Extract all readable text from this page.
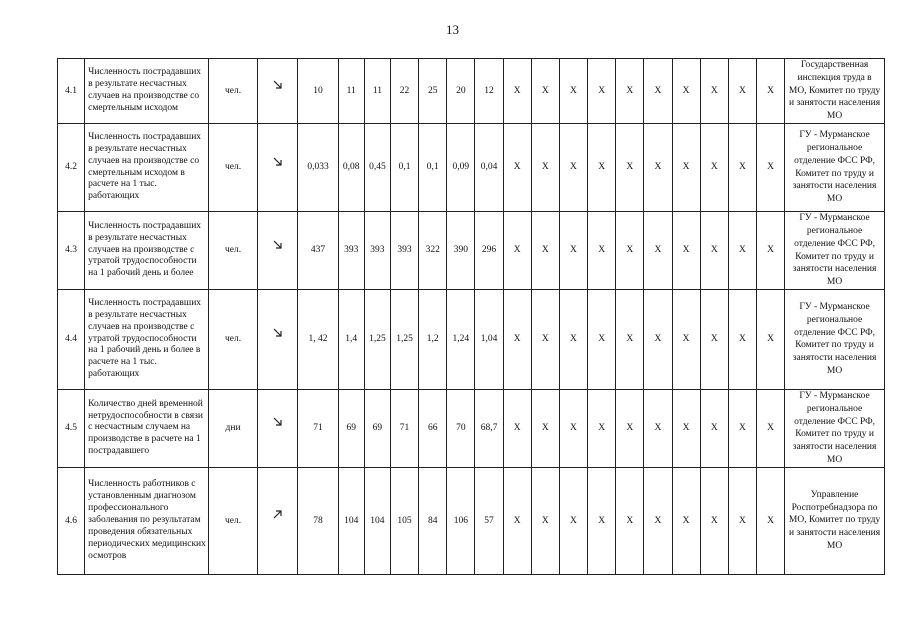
13
4.1	Численность пострадавших в результате несчастных случаев на производстве со смертельным исходом	чел.		10	11	11	22	25	20	12	Х	Х	Х	Х	Х	Х	Х	Х	Х	Х	Государственная инспекция труда в МО, Комитет по труду и занятости населения МО
4.2	Численность пострадавших в результате несчастных случаев на производстве со смертельным исходом в расчете на 1 тыс. работающих	чел.		0,033	0,08	0,45	0,1	0,1	0,09	0,04	Х	Х	Х	Х	Х	Х	Х	Х	Х	Х	ГУ - Мурманское региональное отделение ФСС РФ, Комитет по труду и занятости населения МО
4.3	Численность пострадавших в результате несчастных случаев на производстве с утратой трудоспособности на 1 рабочий день и более	чел.		437	393	393	393	322	390	296	Х	Х	Х	Х	Х	Х	Х	Х	Х	Х	ГУ - Мурманское региональное отделение ФСС РФ, Комитет по труду и занятости населения МО
4.4	Численность пострадавших в результате несчастных случаев на производстве с утратой трудоспособности на 1 рабочий день и более в расчете на 1 тыс. работающих	чел.		1, 42	1,4	1,25	1,25	1,2	1,24	1,04	Х	Х	Х	Х	Х	Х	Х	Х	Х	Х	ГУ - Мурманское региональное отделение ФСС РФ, Комитет по труду и занятости населения МО
4.5	Количество дней временной нетрудоспособности в связи с несчастным случаем на производстве в расчете на 1 пострадавшего	дни		71	69	69	71	66	70	68,7	Х	Х	Х	Х	Х	Х	Х	Х	Х	Х	ГУ - Мурманское региональное отделение ФСС РФ, Комитет по труду и занятости населения МО
4.6	Численность работников с установленным диагнозом профессионального заболевания по результатам проведения обязательных периодических медицинских осмотров	чел.		78	104	104	105	84	106	57	Х	Х	Х	Х	Х	Х	Х	Х	Х	Х	Управление Роспотребнадзора по МО, Комитет по труду и занятости населения МО
